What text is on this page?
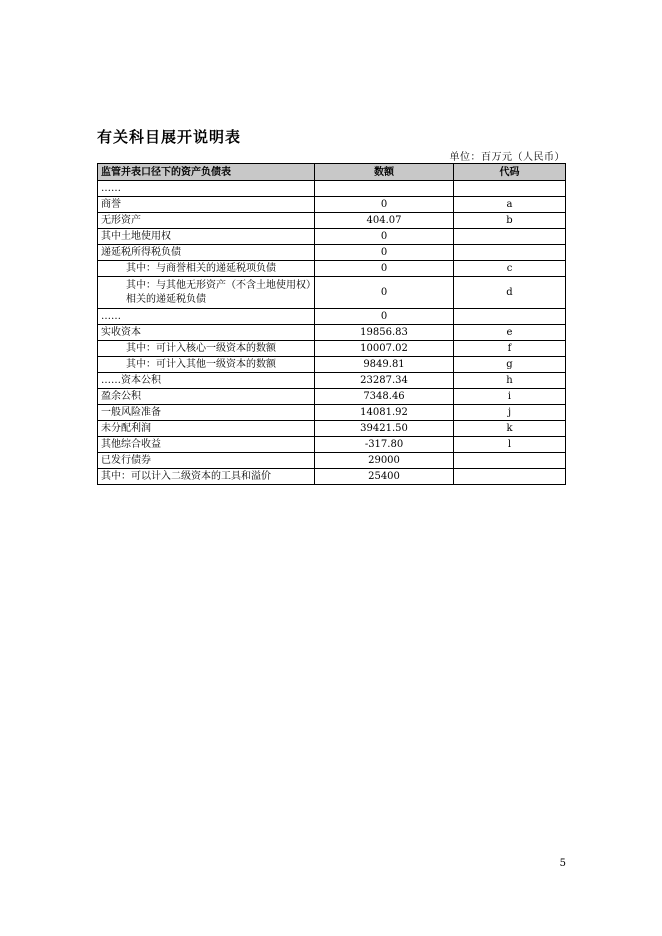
有关科目展开说明表
单位：百万元（人民币）
监管并表口径下的资产负债表	数额	代码
……		
商誉	0	a
无形资产	404.07	b
其中土地使用权	0	
递延税所得税负债	0	
其中：与商誉相关的递延税项负债	0	c
其中：与其他无形资产（不含土地使用权）相关的递延税负债	0	d
……	0	
实收资本	19856.83	e
其中：可计入核心一级资本的数额	10007.02	f
其中：可计入其他一级资本的数额	9849.81	g
……资本公积	23287.34	h
盈余公积	7348.46	i
一般风险准备	14081.92	j
未分配利润	39421.50	k
其他综合收益	-317.80	l
已发行债券	29000	
其中：可以计入二级资本的工具和溢价	25400	
5
